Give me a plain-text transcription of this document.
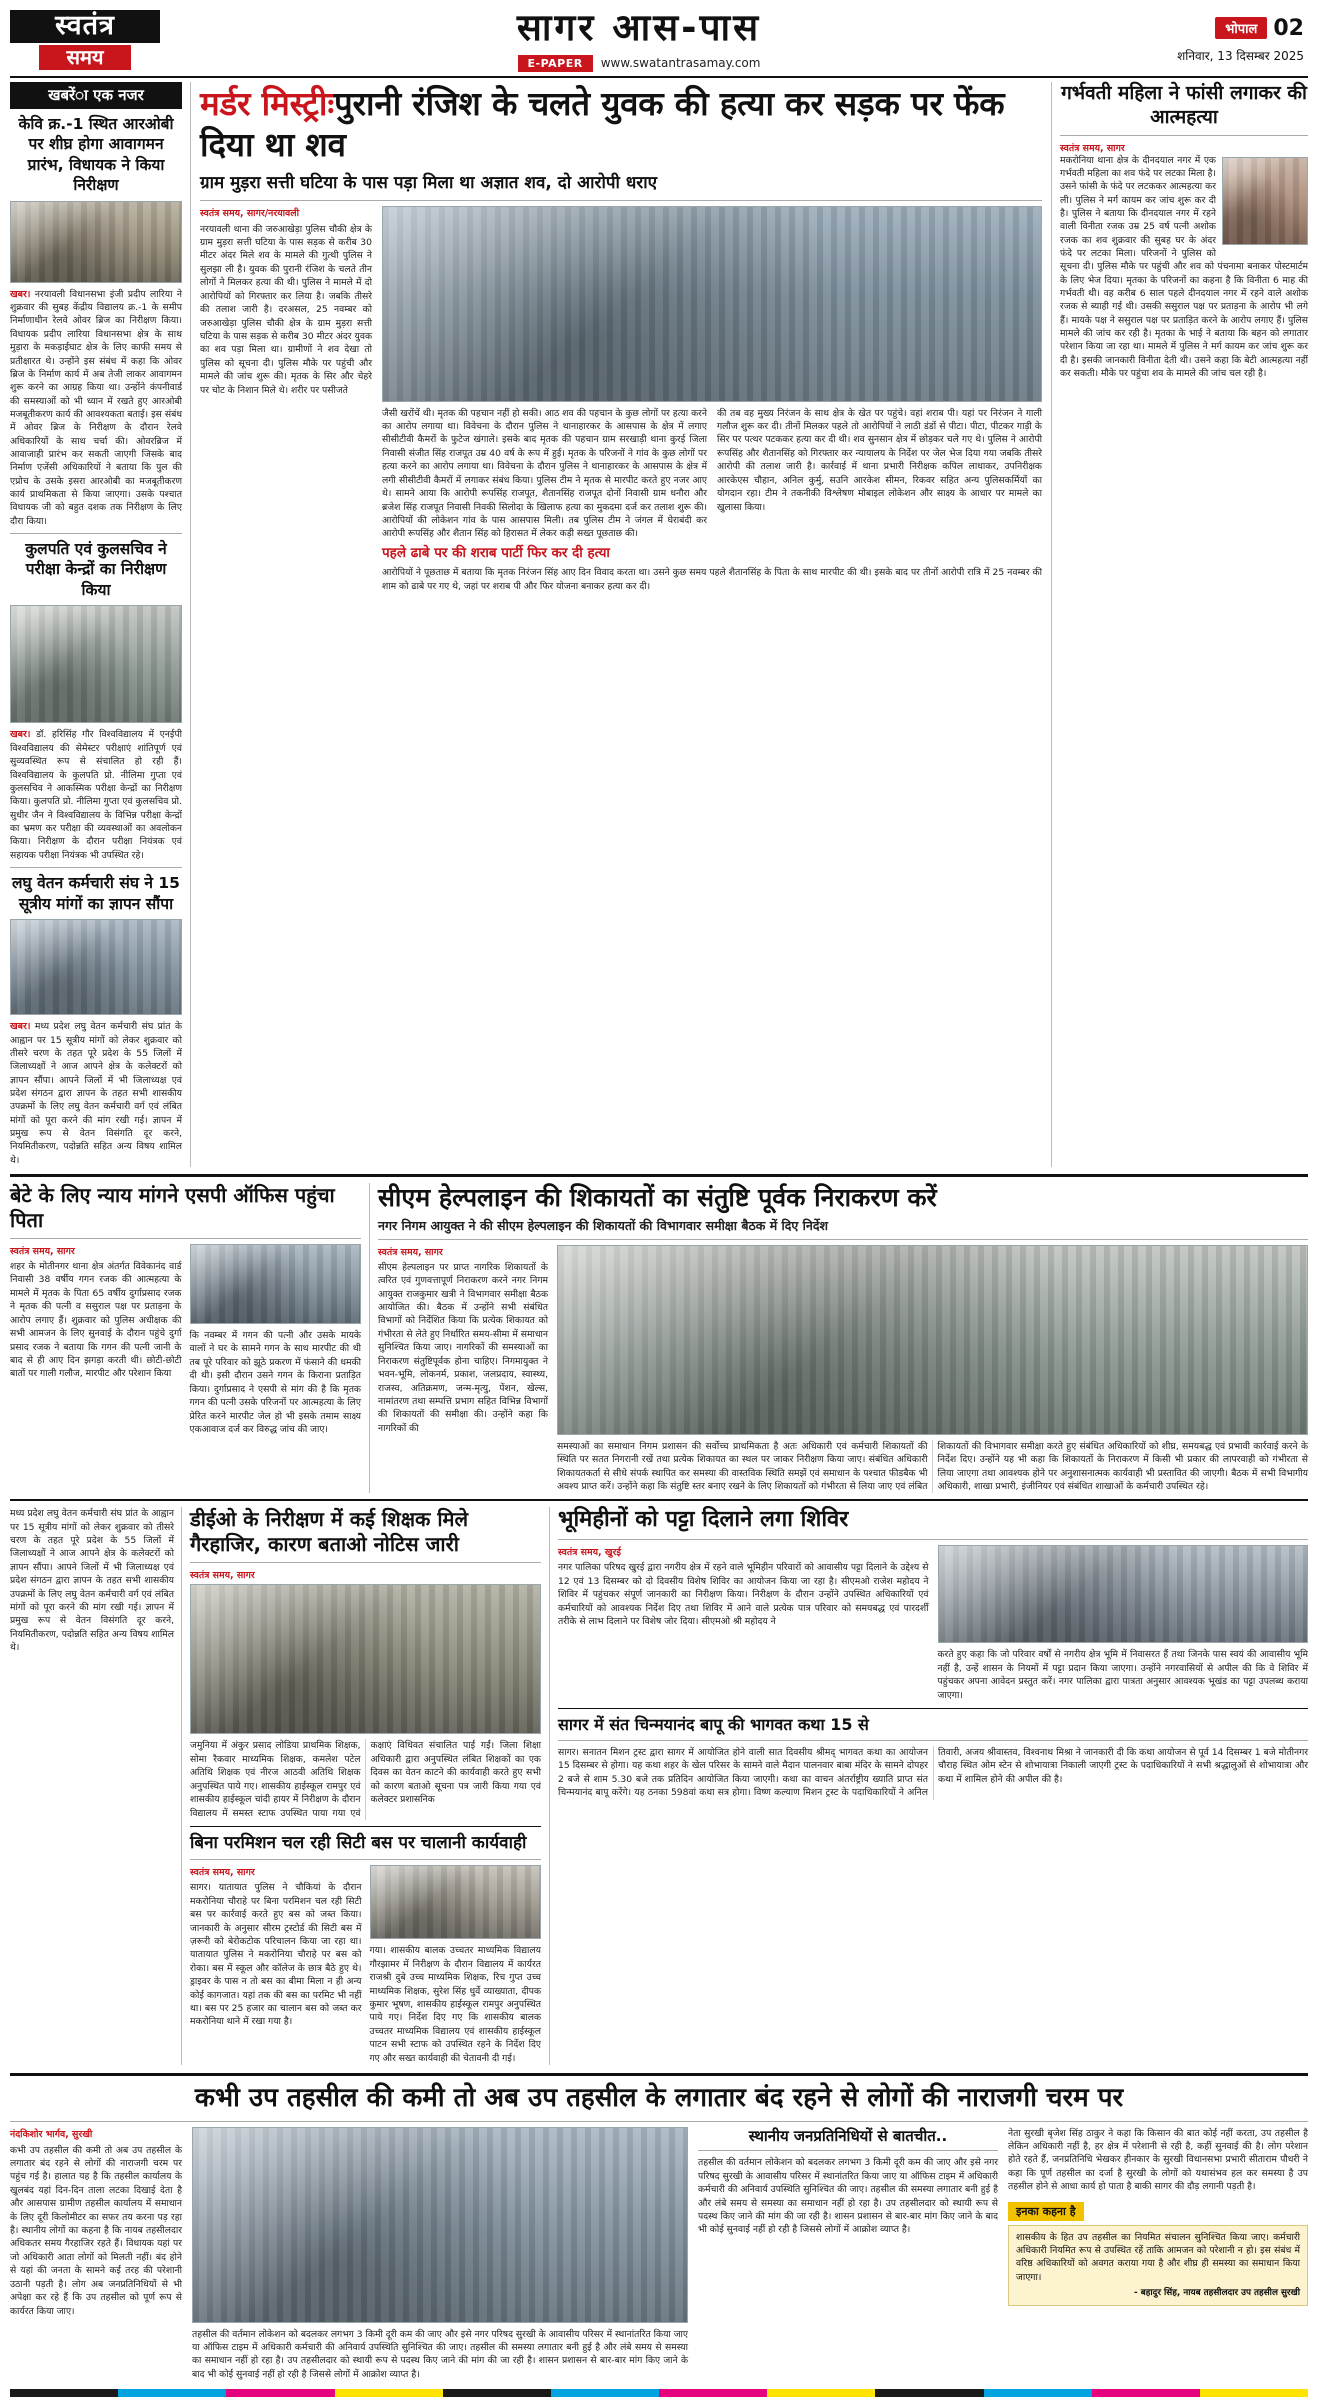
स्वतंत्र
समय
सागर आस-पास
E-PAPER	www.swatantrasamay.com
भोपाल 02
शनिवार, 13 दिसम्बर 2025
खबरेंा एक नजर
केवि क्र.-1 स्थित आरओबी पर शीघ्र होगा आवागमन प्रारंभ, विधायक ने किया निरीक्षण
खबर। नरयावली विधानसभा इंजी प्रदीप लारिया ने शुक्रवार की सुबह केंद्रीय विद्यालय क्र.-1 के समीप निर्माणाधीन रेलवे ओवर ब्रिज का निरीक्षण किया। विधायक प्रदीप लारिया विधानसभा क्षेत्र के साथ मुड़ारा के मकड़ाईघाट क्षेत्र के लिए काफी समय से प्रतीक्षारत थे। उन्होंने इस संबंध में कहा कि ओवर ब्रिज के निर्माण कार्य में अब तेजी लाकर आवागमन शुरू करने का आग्रह किया था। उन्होंने कंपनीवार्ड की समस्याओं को भी ध्यान में रखते हुए आरओबी मजबूतीकरण कार्य की आवश्यकता बताई। इस संबंध में ओवर ब्रिज के निरीक्षण के दौरान रेलवे अधिकारियों के साथ चर्चा की। ओवरब्रिज में आवाजाही प्रारंभ कर सकती जाएगी जिसके बाद निर्माण एजेंसी अधिकारियों ने बताया कि पुल की एप्रोच के उसके इसरा आरओबी का मजबूतीकरण कार्य प्राथमिकता से किया जाएगा। उसके पश्चात विधायक जी को बहुत दशक तक निरीक्षण के लिए दौरा किया।
कुलपति एवं कुलसचिव ने परीक्षा केन्द्रों का निरीक्षण किया
खबर। डॉ. हरिसिंह गौर विश्वविद्यालय में एनईपी विश्वविद्यालय की सेमेस्टर परीक्षाएं शांतिपूर्ण एवं सुव्यवस्थित रूप से संचालित हो रही हैं। विश्वविद्यालय के कुलपति प्रो. नीलिमा गुप्ता एवं कुलसचिव ने आकस्मिक परीक्षा केन्द्रों का निरीक्षण किया। कुलपति प्रो. नीलिमा गुप्ता एवं कुलसचिव प्रो. सुधीर जैन ने विश्वविद्यालय के विभिन्न परीक्षा केन्द्रों का भ्रमण कर परीक्षा की व्यवस्थाओं का अवलोकन किया। निरीक्षण के दौरान परीक्षा नियंत्रक एवं सहायक परीक्षा नियंत्रक भी उपस्थित रहे।
लघु वेतन कर्मचारी संघ ने 15 सूत्रीय मांगों का ज्ञापन सौंपा
खबर। मध्य प्रदेश लघु वेतन कर्मचारी संघ प्रांत के आह्वान पर 15 सूत्रीय मांगों को लेकर शुक्रवार को तीसरे चरण के तहत पूरे प्रदेश के 55 जिलों में जिलाध्यक्षों ने आज आपने क्षेत्र के कलेक्टरों को ज्ञापन सौंपा। आपने जिलों में भी जिलाध्यक्ष एवं प्रदेश संगठन द्वारा ज्ञापन के तहत सभी शासकीय उपक्रमों के लिए लघु वेतन कर्मचारी वर्ग एवं लंबित मांगों को पूरा करने की मांग रखी गई। ज्ञापन में प्रमुख रूप से वेतन विसंगति दूर करने, नियमितीकरण, पदोन्नति सहित अन्य विषय शामिल थे।
मर्डर मिस्ट्रीःपुरानी रंजिश के चलते युवक की हत्या कर सड़क पर फेंक दिया था शव
ग्राम मुड़रा सत्ती घटिया के पास पड़ा मिला था अज्ञात शव, दो आरोपी धराए
स्वतंत्र समय, सागर/नरयावली
नरयावली थाना की जरुआखेड़ा पुलिस चौकी क्षेत्र के ग्राम मुड़रा सत्ती घटिया के पास सड़क से करीब 30 मीटर अंदर मिले शव के मामले की गुत्थी पुलिस ने सुलझा ली है। युवक की पुरानी रंजिश के चलते तीन लोगों ने मिलकर हत्या की थी। पुलिस ने मामले में दो आरोपियों को गिरफ्तार कर लिया है। जबकि तीसरे की तलाश जारी है। दरअसल, 25 नवम्बर को जरुआखेड़ा पुलिस चौकी क्षेत्र के ग्राम मुड़रा सत्ती घटिया के पास सड़क से करीब 30 मीटर अंदर युवक का शव पड़ा मिला था। ग्रामीणों ने शव देखा तो पुलिस को सूचना दी। पुलिस मौके पर पहुंची और मामले की जांच शुरू की। मृतक के सिर और चेहरे पर चोट के निशान मिले थे। शरीर पर पसीजते
जैसी खरोंचें थी। मृतक की पहचान नहीं हो सकी। आठ शव की पहचान के कुछ लोगों पर हत्या करने का आरोप लगाया था। विवेचना के दौरान पुलिस ने थानाहारकर के आसपास के क्षेत्र में लगाए सीसीटीवी कैमरों के फुटेज खंगाले। इसके बाद मृतक की पहचान ग्राम सरखाड़ी थाना कुरई जिला निवासी संजीत सिंह राजपूत उम्र 40 वर्ष के रूप में हुई। मृतक के परिजनों ने गांव के कुछ लोगों पर हत्या करने का आरोप लगाया था। विवेचना के दौरान पुलिस ने थानाहारकर के आसपास के क्षेत्र में लगी सीसीटीवी कैमरों में लगाकर संबंध किया। पुलिस टीम ने मृतक से मारपीट करते हुए नजर आए थे। सामने आया कि आरोपी रूपसिंह राजपूत, शैतानसिंह राजपूत दोनों निवासी ग्राम धनौरा और ब्रजेश सिंह राजपूत निवासी निवकी सिलोदा के खिलाफ हत्या का मुकदमा दर्ज कर तलाश शुरू की। आरोपियों की लोकेशन गांव के पास आसपास मिली। तब पुलिस टीम ने जंगल में घेराबंदी कर आरोपी रूपसिंह और शैतान सिंह को हिरासत में लेकर कड़ी सख्त पूछताछ की।
की तब वह मुख्य निरंजन के साथ क्षेत्र के खेत पर पहुंचे। वहां शराब पी। यहां पर निरंजन ने गाली गलौज शुरू कर दी। तीनों मिलकर पहले तो आरोपियों ने लाठी डंडों से पीटा। पीटा, पीटकर गाड़ी के सिर पर पत्थर पटककर हत्या कर दी थी। शव सुनसान क्षेत्र में छोड़कर चले गए थे। पुलिस ने आरोपी रूपसिंह और शैतानसिंह को गिरफ्तार कर न्यायालय के निर्देश पर जेल भेज दिया गया जबकि तीसरे आरोपी की तलाश जारी है। कार्रवाई में थाना प्रभारी निरीक्षक कपिल लाधाकर, उपनिरीक्षक आरकेएस चौहान, अनिल कुर्मु, सउनि आरकेश सीमन, रिकवर सहित अन्य पुलिसकर्मियों का योगदान रहा। टीम ने तकनीकी विश्लेषण मोबाइल लोकेशन और साक्ष्य के आधार पर मामले का खुलासा किया।
पहले ढाबे पर की शराब पार्टी फिर कर दी हत्या
आरोपियों ने पूछताछ में बताया कि मृतक निरंजन सिंह आए दिन विवाद करता था। उसने कुछ समय पहले शैतानसिंह के पिता के साथ मारपीट की थी। इसके बाद पर तीनों आरोपी रात्रि में 25 नवम्बर की शाम को ढाबे पर गए थे, जहां पर शराब पी और फिर योजना बनाकर हत्या कर दी।
गर्भवती महिला ने फांसी लगाकर की आत्महत्या
स्वतंत्र समय, सागर
मकरोनिया थाना क्षेत्र के दीनदयाल नगर में एक गर्भवती महिला का शव फंदे पर लटका मिला है। उसने फांसी के फंदे पर लटककर आत्महत्या कर ली। पुलिस ने मर्ग कायम कर जांच शुरू कर दी है। पुलिस ने बताया कि दीनदयाल नगर में रहने वाली विनीता रजक उम्र 25 वर्ष पत्नी अशोक रजक का शव शुक्रवार की सुबह घर के अंदर फंदे पर लटका मिला। परिजनों ने पुलिस को सूचना दी। पुलिस मौके पर पहुंची और शव को पंचनामा बनाकर पोस्टमार्टम के लिए भेज दिया। मृतका के परिजनों का कहना है कि विनीता 6 माह की गर्भवती थी। वह करीब 6 साल पहले दीनदयाल नगर में रहने वाले अशोक रजक से ब्याही गई थी। उसकी ससुराल पक्ष पर प्रताड़ना के आरोप भी लगे हैं। मायके पक्ष ने ससुराल पक्ष पर प्रताड़ित करने के आरोप लगाए हैं। पुलिस मामले की जांच कर रही है। मृतका के भाई ने बताया कि बहन को लगातार परेशान किया जा रहा था। मामले में पुलिस ने मर्ग कायम कर जांच शुरू कर दी है। इसकी जानकारी विनीता देती थी। उसने कहा कि बेटी आत्महत्या नहीं कर सकती। मौके पर पहुंचा शव के मामले की जांच चल रही है।
बेटे के लिए न्याय मांगने एसपी ऑफिस पहुंचा पिता
स्वतंत्र समय, सागर
शहर के मोतीनगर थाना क्षेत्र अंतर्गत विवेकानंद वार्ड निवासी 38 वर्षीय गगन रजक की आत्महत्या के मामले में मृतक के पिता 65 वर्षीय दुर्गाप्रसाद रजक ने मृतक की पत्नी व ससुराल पक्ष पर प्रताड़ना के आरोप लगाए हैं। शुक्रवार को पुलिस अधीक्षक की सभी आमजन के लिए सुनवाई के दौरान पहुंचे दुर्गा प्रसाद रजक ने बताया कि गगन की पत्नी जानी के बाद से ही आए दिन झगड़ा करती थी। छोटी-छोटी बातों पर गाली गलौज, मारपीट और परेशान किया
कि नवम्बर में गगन की पत्नी और उसके मायके वालों ने घर के सामने गगन के साथ मारपीट की थी तब पूरे परिवार को झूठे प्रकरण में फंसाने की धमकी दी थी। इसी दौरान उसने गगन के किराना प्रताड़ित किया। दुर्गाप्रसाद ने एसपी से मांग की है कि मृतक गगन की पत्नी उसके परिजनों पर आत्महत्या के लिए प्रेरित करने मारपीट जेल हो भी इसके तमाम साक्ष्य एकआवाज दर्ज कर विरुद्ध जांच की जाए।
सीएम हेल्पलाइन की शिकायतों का संतुष्टि पूर्वक निराकरण करें
नगर निगम आयुक्त ने की सीएम हेल्पलाइन की शिकायतों की विभागवार समीक्षा बैठक में दिए निर्देश
स्वतंत्र समय, सागर
सीएम हेल्पलाइन पर प्राप्त नागरिक शिकायतों के त्वरित एवं गुणवत्तापूर्ण निराकरण करने नगर निगम आयुक्त राजकुमार खत्री ने विभागवार समीक्षा बैठक आयोजित की। बैठक में उन्होंने सभी संबंधित विभागों को निर्देशित किया कि प्रत्येक शिकायत को गंभीरता से लेते हुए निर्धारित समय-सीमा में समाधान सुनिश्चित किया जाए। नागरिकों की समस्याओं का निराकरण संतुष्टिपूर्वक होना चाहिए। निगमायुक्त ने भवन-भूमि, लोकनर्म, प्रकाश, जलप्रदाय, स्वास्थ्य, राजस्व, अतिक्रमण, जन्म-मृत्यु, पेंशन, खेल्स, नामांतरण तथा सम्पत्ति प्रभाग सहित विभिन्न विभागों की शिकायतों की समीक्षा की। उन्होंने कहा कि नागरिकों की
समस्याओं का समाधान निगम प्रशासन की सर्वोच्च प्राथमिकता है अतः अधिकारी एवं कर्मचारी शिकायतों की स्थिति पर सतत निगरानी रखें तथा प्रत्येक शिकायत का स्थल पर जाकर निरीक्षण किया जाए। संबंधित अधिकारी शिकायतकर्ता से सीधे संपर्क स्थापित कर समस्या की वास्तविक स्थिति समझें एवं समाधान के पश्चात फीडबैक भी अवश्य प्राप्त करें। उन्होंने कहा कि संतुष्टि स्तर बनाए रखने के लिए शिकायतों को गंभीरता से लिया जाए एवं लंबित शिकायतों की विभागवार समीक्षा करते हुए संबंधित अधिकारियों को शीघ्र, समयबद्ध एवं प्रभावी कार्रवाई करने के निर्देश दिए। उन्होंने यह भी कहा कि शिकायतों के निराकरण में किसी भी प्रकार की लापरवाही को गंभीरता से लिया जाएगा तथा आवश्यक होने पर अनुशासनात्मक कार्यवाही भी प्रस्तावित की जाएगी। बैठक में सभी विभागीय अधिकारी, शाखा प्रभारी, इंजीनियर एवं संबंधित शाखाओं के कर्मचारी उपस्थित रहे।
मध्य प्रदेश लघु वेतन कर्मचारी संघ प्रांत के आह्वान पर 15 सूत्रीय मांगों को लेकर शुक्रवार को तीसरे चरण के तहत पूरे प्रदेश के 55 जिलों में जिलाध्यक्षों ने आज आपने क्षेत्र के कलेक्टरों को ज्ञापन सौंपा। आपने जिलों में भी जिलाध्यक्ष एवं प्रदेश संगठन द्वारा ज्ञापन के तहत सभी शासकीय उपक्रमों के लिए लघु वेतन कर्मचारी वर्ग एवं लंबित मांगों को पूरा करने की मांग रखी गई। ज्ञापन में प्रमुख रूप से वेतन विसंगति दूर करने, नियमितीकरण, पदोन्नति सहित अन्य विषय शामिल थे।
डीईओ के निरीक्षण में कई शिक्षक मिले गैरहाजिर, कारण बताओ नोटिस जारी
स्वतंत्र समय, सागर
जमुनिया में अंकुर प्रसाद लोडिया प्राथमिक शिक्षक, सोमा रैकवार माध्यमिक शिक्षक, कमलेश पटेल अतिथि शिक्षक एवं नीरज आठवी अतिथि शिक्षक अनुपस्थित पाये गए। शासकीय हाईस्कूल रामपुर एवं शासकीय हाईस्कूल चांदी हायर में निरीक्षण के दौरान विद्यालय में समस्त स्टाफ उपस्थित पाया गया एवं कक्षाएं विधिवत संचालित पाई गईं। जिला शिक्षा अधिकारी द्वारा अनुपस्थित लंबित शिक्षकों का एक दिवस का वेतन काटने की कार्यवाही करते हुए सभी को कारण बताओ सूचना पत्र जारी किया गया एवं कलेक्टर प्रशासनिक
बिना परमिशन चल रही सिटी बस पर चालानी कार्यवाही
स्वतंत्र समय, सागर
सागर। यातायात पुलिस ने चौकियां के दौरान मकरोनिया चौराहे पर बिना परमिशन चल रही सिटी बस पर कार्रवाई करते हुए बस को जब्त किया। जानकारी के अनुसार सीरम ट्रस्टोर्ड की सिटी बस में ज़रूरी को बेरोकटोक परिचालन किया जा रहा था। यातायात पुलिस ने मकरोनिया चौराहे पर बस को रोका। बस में स्कूल और कॉलेज के छात्र बैठे हुए थे। ड्राइवर के पास न तो बस का बीमा मिला न ही अन्य कोई कागजात। यहां तक की बस का परमिट भी नहीं था। बस पर 25 हजार का चालान बस को जब्त कर मकरोनिया थाने में रखा गया है।
गया। शासकीय बालक उच्चतर माध्यमिक विद्यालय गौरझामर में निरीक्षण के दौरान विद्यालय में कार्यरत राजश्री दुबे उच्च माध्यमिक शिक्षक, रिच गुप्त उच्च माध्यमिक शिक्षक, सुरेश सिंह धुर्वे व्याख्याता, दीपक कुमार भूषण, शासकीय हाईस्कूल रामपुर अनुपस्थित पाये गए। निर्देश दिए गए कि शासकीय बालक उच्चतर माध्यमिक विद्यालय एवं शासकीय हाईस्कूल पाटन सभी स्टाफ को उपस्थित रहने के निर्देश दिए गए और सख्त कार्यवाही की चेतावनी दी गई।
भूमिहीनों को पट्टा दिलाने लगा शिविर
स्वतंत्र समय, खुरई
नगर पालिका परिषद खुरई द्वारा नगरीय क्षेत्र में रहने वाले भूमिहीन परिवारों को आवासीय पट्टा दिलाने के उद्देश्य से 12 एवं 13 दिसम्बर को दो दिवसीय विशेष शिविर का आयोजन किया जा रहा है। सीएमओ राजेश महोदय ने शिविर में पहुंचकर संपूर्ण जानकारी का निरीक्षण किया। निरीक्षण के दौरान उन्होंने उपस्थित अधिकारियों एवं कर्मचारियों को आवश्यक निर्देश दिए तथा शिविर में आने वाले प्रत्येक पात्र परिवार को समयबद्ध एवं पारदर्शी तरीके से लाभ दिलाने पर विशेष जोर दिया। सीएमओ श्री महोदय ने
करते हुए कहा कि जो परिवार वर्षों से नगरीय क्षेत्र भूमि में निवासरत हैं तथा जिनके पास स्वयं की आवासीय भूमि नहीं है, उन्हें शासन के नियमों में पट्टा प्रदान किया जाएगा। उन्होंने नगरवासियों से अपील की कि वे शिविर में पहुंचकर अपना आवेदन प्रस्तुत करें। नगर पालिका द्वारा पात्रता अनुसार आवश्यक भूखंड का पट्टा उपलब्ध कराया जाएगा।
सागर में संत चिन्मयानंद बापू की भागवत कथा 15 से
सागर। सनातन मिशन ट्रस्ट द्वारा सागर में आयोजित होने वाली सात दिवसीय श्रीमद् भागवत कथा का आयोजन 15 दिसम्बर से होगा। यह कथा शहर के खेल परिसर के सामने वाले मैदान पालनवार बाबा मंदिर के सामने दोपहर 2 बजे से शाम 5.30 बजे तक प्रतिदिन आयोजित किया जाएगी। कथा का वाचन अंतर्राष्ट्रीय ख्याति प्राप्त संत चिन्मयानंद बापू करेंगे। यह ठनका 598वां कथा सत्र होगा। विष्ण कल्याण मिशन ट्रस्ट के पदाधिकारियों ने अनिल तिवारी, अजय श्रीवास्तव, विश्वनाथ मिश्रा ने जानकारी दी कि कथा आयोजन से पूर्व 14 दिसम्बर 1 बजे मोतीनगर चौराह स्थित ओम स्टेन से शोभायात्रा निकाली जाएगी ट्रस्ट के पदाधिकारियों ने सभी श्रद्धालुओं से शोभायात्रा और कथा में शामिल होने की अपील की है।
कभी उप तहसील की कमी तो अब उप तहसील के लगातार बंद रहने से लोगों की नाराजगी चरम पर
नंदकिशोर भार्गव, सुरखी
कभी उप तहसील की कमी तो अब उप तहसील के लगातार बंद रहने से लोगों की नाराजगी चरम पर पहुंच गई है। हालात यह है कि तहसील कार्यालय के खुलबंद यहां दिन-दिन ताला लटका दिखाई देता है और आसपास ग्रामीण तहसील कार्यालय में समाधान के लिए दूरी किलोमीटर का सफर तय करना पड़ रहा है। स्थानीय लोगों का कहना है कि नायब तहसीलदार अधिकतर समय गैरहाजिर रहते हैं। विधायक यहां पर जो अधिकारी आता लोगों को मिलती नहीं। बंद होने से यहां की जनता के सामने कई तरह की परेशानी उठानी पड़ती है। लोग अब जनप्रतिनिधियों से भी अपेक्षा कर रहे हैं कि उप तहसील को पूर्ण रूप से कार्यरत किया जाए।
तहसील की वर्तमान लोकेशन को बदलकर लगभग 3 किमी दूरी कम की जाए और इसे नगर परिषद सुरखी के आवासीय परिसर में स्थानांतरित किया जाए या ऑफिस टाइम में अधिकारी कर्मचारी की अनिवार्य उपस्थिति सुनिश्चित की जाए। तहसील की समस्या लगातार बनी हुई है और लंबे समय से समस्या का समाधान नहीं हो रहा है। उप तहसीलदार को स्थायी रूप से पदस्थ किए जाने की मांग की जा रही है। शासन प्रशासन से बार-बार मांग किए जाने के बाद भी कोई सुनवाई नहीं हो रही है जिससे लोगों में आक्रोश व्याप्त है।
स्थानीय जनप्रतिनिधियों से बातचीत..
तहसील की वर्तमान लोकेशन को बदलकर लगभग 3 किमी दूरी कम की जाए और इसे नगर परिषद सुरखी के आवासीय परिसर में स्थानांतरित किया जाए या ऑफिस टाइम में अधिकारी कर्मचारी की अनिवार्य उपस्थिति सुनिश्चित की जाए। तहसील की समस्या लगातार बनी हुई है और लंबे समय से समस्या का समाधान नहीं हो रहा है। उप तहसीलदार को स्थायी रूप से पदस्थ किए जाने की मांग की जा रही है। शासन प्रशासन से बार-बार मांग किए जाने के बाद भी कोई सुनवाई नहीं हो रही है जिससे लोगों में आक्रोश व्याप्त है।
नेता सुरखी बृजेश सिंह ठाकुर ने कहा कि किसान की बात कोई नहीं करता, उप तहसील है लेकिन अधिकारी नहीं है, हर क्षेत्र में परेशानी से रही है, कहीं सुनवाई की है। लोग परेशान होते रहते हैं, जनप्रतिनिधि भेखकर हीनकार के सुरखी विधानसभा प्रभारी सीताराम पौधरी ने कहा कि पूर्ण तहसील का दर्जा है सुरखी के लोगों को यथासंभव हल कर समस्या है उप तहसील होने से आधा कार्य हो पाता है बाकी सागर की दौड़ लगानी पड़ती है।
इनका कहना है
शासकीय के हित उप तहसील का नियमित संचालन सुनिश्चित किया जाए। कर्मचारी अधिकारी नियमित रूप से उपस्थित रहें ताकि आमजन को परेशानी न हो। इस संबंध में वरिष्ठ अधिकारियों को अवगत कराया गया है और शीघ्र ही समस्या का समाधान किया जाएगा।
- बहादुर सिंह, नायब तहसीलदार उप तहसील सुरखी
